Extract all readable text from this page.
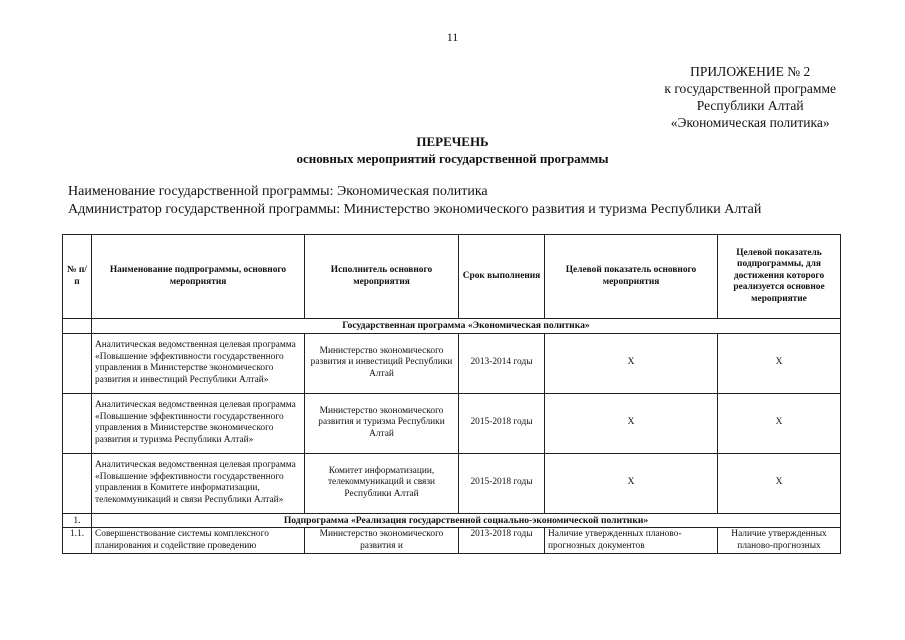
11
ПРИЛОЖЕНИЕ № 2
к государственной программе
Республики Алтай
«Экономическая политика»
ПЕРЕЧЕНЬ
основных мероприятий государственной программы
Наименование государственной программы: Экономическая политика
Администратор государственной программы: Министерство экономического развития и туризма Республики Алтай
№ п/п	Наименование подпрограммы, основного мероприятия	Исполнитель основного мероприятия	Срок выполнения	Целевой показатель основного мероприятия	Целевой показатель подпрограммы, для достижения которого реализуется основное мероприятие
	Государственная программа «Экономическая политика»				
	Аналитическая ведомственная целевая программа «Повышение эффективности государственного управления в Министерстве экономического развития и инвестиций Республики Алтай»	Министерство экономического развития и инвестиций Республики Алтай	2013-2014 годы	X	X
	Аналитическая ведомственная целевая программа «Повышение эффективности государственного управления в Министерстве экономического развития и туризма Республики Алтай»	Министерство экономического развития и туризма Республики Алтай	2015-2018 годы	X	X
	Аналитическая ведомственная целевая программа «Повышение эффективности государственного управления в Комитете информатизации, телекоммуникаций и связи Республики Алтай»	Комитет информатизации, телекоммуникаций и связи Республики Алтай	2015-2018 годы	X	X
1.	Подпрограмма «Реализация государственной социально-экономической политики»				
1.1.	Совершенствование системы комплексного планирования и содействие проведению	Министерство экономического развития и	2013-2018 годы	Наличие утвержденных планово-прогнозных документов	Наличие утвержденных планово-прогнозных
